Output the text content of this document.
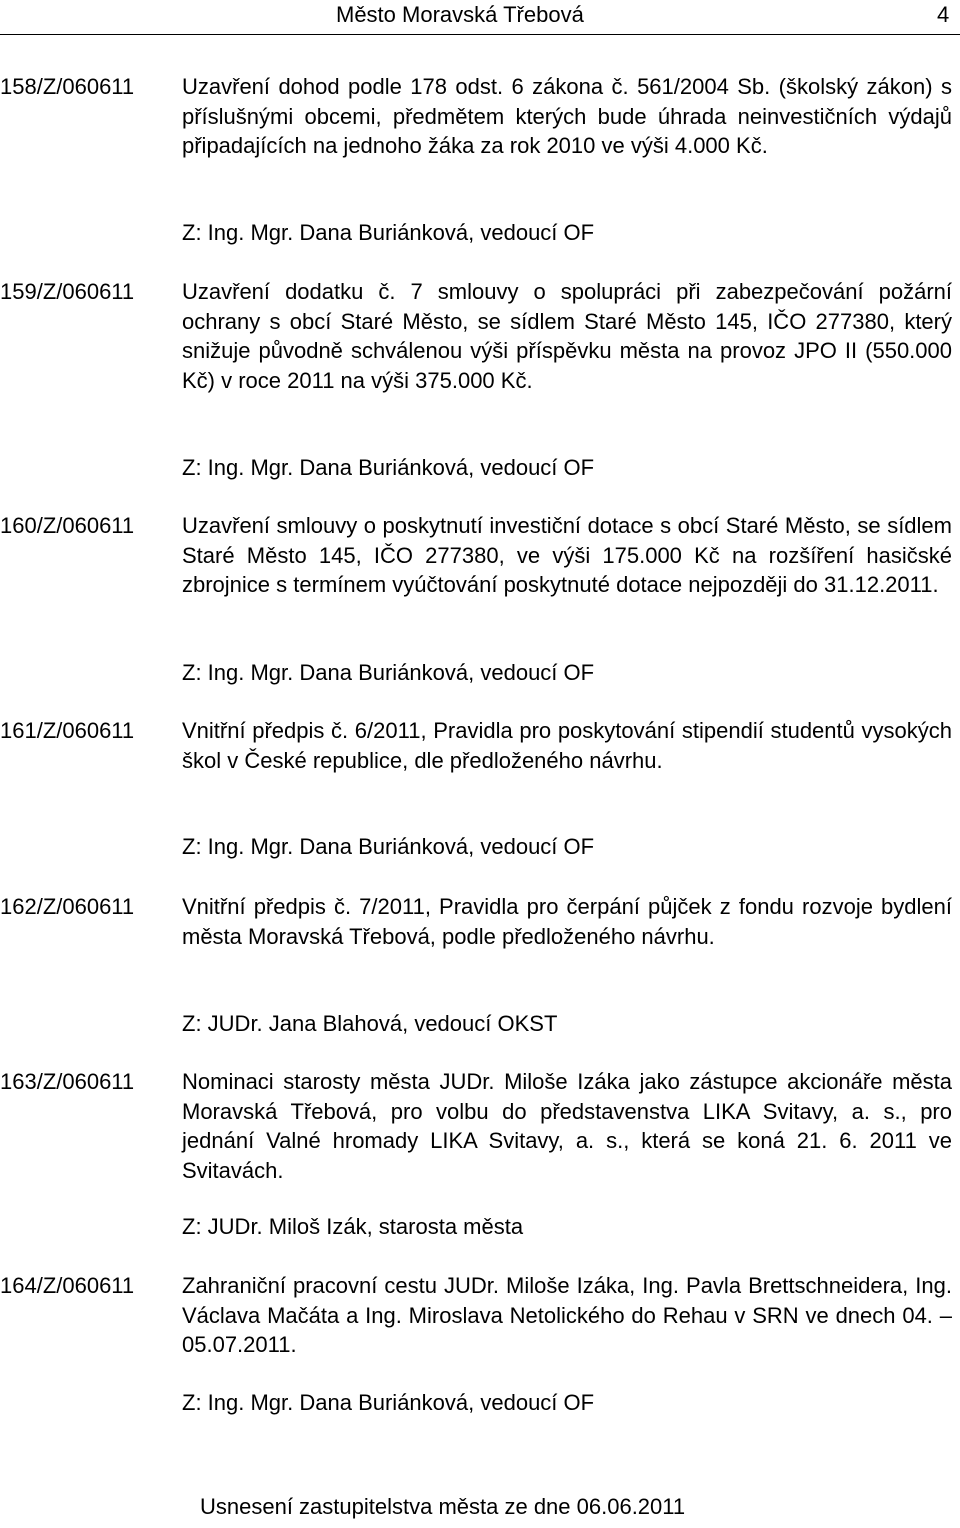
Město Moravská Třebová	4
158/Z/060611 Uzavření dohod podle 178 odst. 6 zákona č. 561/2004 Sb. (školský zákon) s příslušnými obcemi, předmětem kterých bude úhrada neinvestičních výdajů připadajících na jednoho žáka za rok 2010 ve výši 4.000 Kč.

Z: Ing. Mgr. Dana Buriánková, vedoucí OF
159/Z/060611 Uzavření dodatku č. 7 smlouvy o spolupráci při zabezpečování požární ochrany s obcí Staré Město, se sídlem Staré Město 145, IČO 277380, který snižuje původně schválenou výši příspěvku města na provoz JPO II (550.000 Kč) v roce 2011 na výši 375.000 Kč.

Z: Ing. Mgr. Dana Buriánková, vedoucí OF
160/Z/060611 Uzavření smlouvy o poskytnutí investiční dotace s obcí Staré Město, se sídlem Staré Město 145, IČO 277380, ve výši 175.000 Kč na rozšíření hasičské zbrojnice s termínem vyúčtování poskytnuté dotace nejpozději do 31.12.2011.

Z: Ing. Mgr. Dana Buriánková, vedoucí OF
161/Z/060611 Vnitřní předpis č. 6/2011, Pravidla pro poskytování stipendií studentů vysokých škol v České republice, dle předloženého návrhu.

Z: Ing. Mgr. Dana Buriánková, vedoucí OF
162/Z/060611 Vnitřní předpis č. 7/2011, Pravidla pro čerpání půjček z fondu rozvoje bydlení města Moravská Třebová, podle předloženého návrhu.

Z: JUDr. Jana Blahová, vedoucí OKST
163/Z/060611 Nominaci starosty města JUDr. Miloše Izáka jako zástupce akcionáře města Moravská Třebová, pro volbu do představenstva LIKA Svitavy, a. s., pro jednání Valné hromady LIKA Svitavy, a. s., která se koná 21. 6. 2011 ve Svitavách.

Z: JUDr. Miloš Izák, starosta města
164/Z/060611 Zahraniční pracovní cestu JUDr. Miloše Izáka, Ing. Pavla Brettschneidera, Ing. Václava Mačáta a Ing. Miroslava Netolického do Rehau v SRN ve dnech 04. – 05.07.2011.

Z: Ing. Mgr. Dana Buriánková, vedoucí OF
Usnesení zastupitelstva města ze dne 06.06.2011
